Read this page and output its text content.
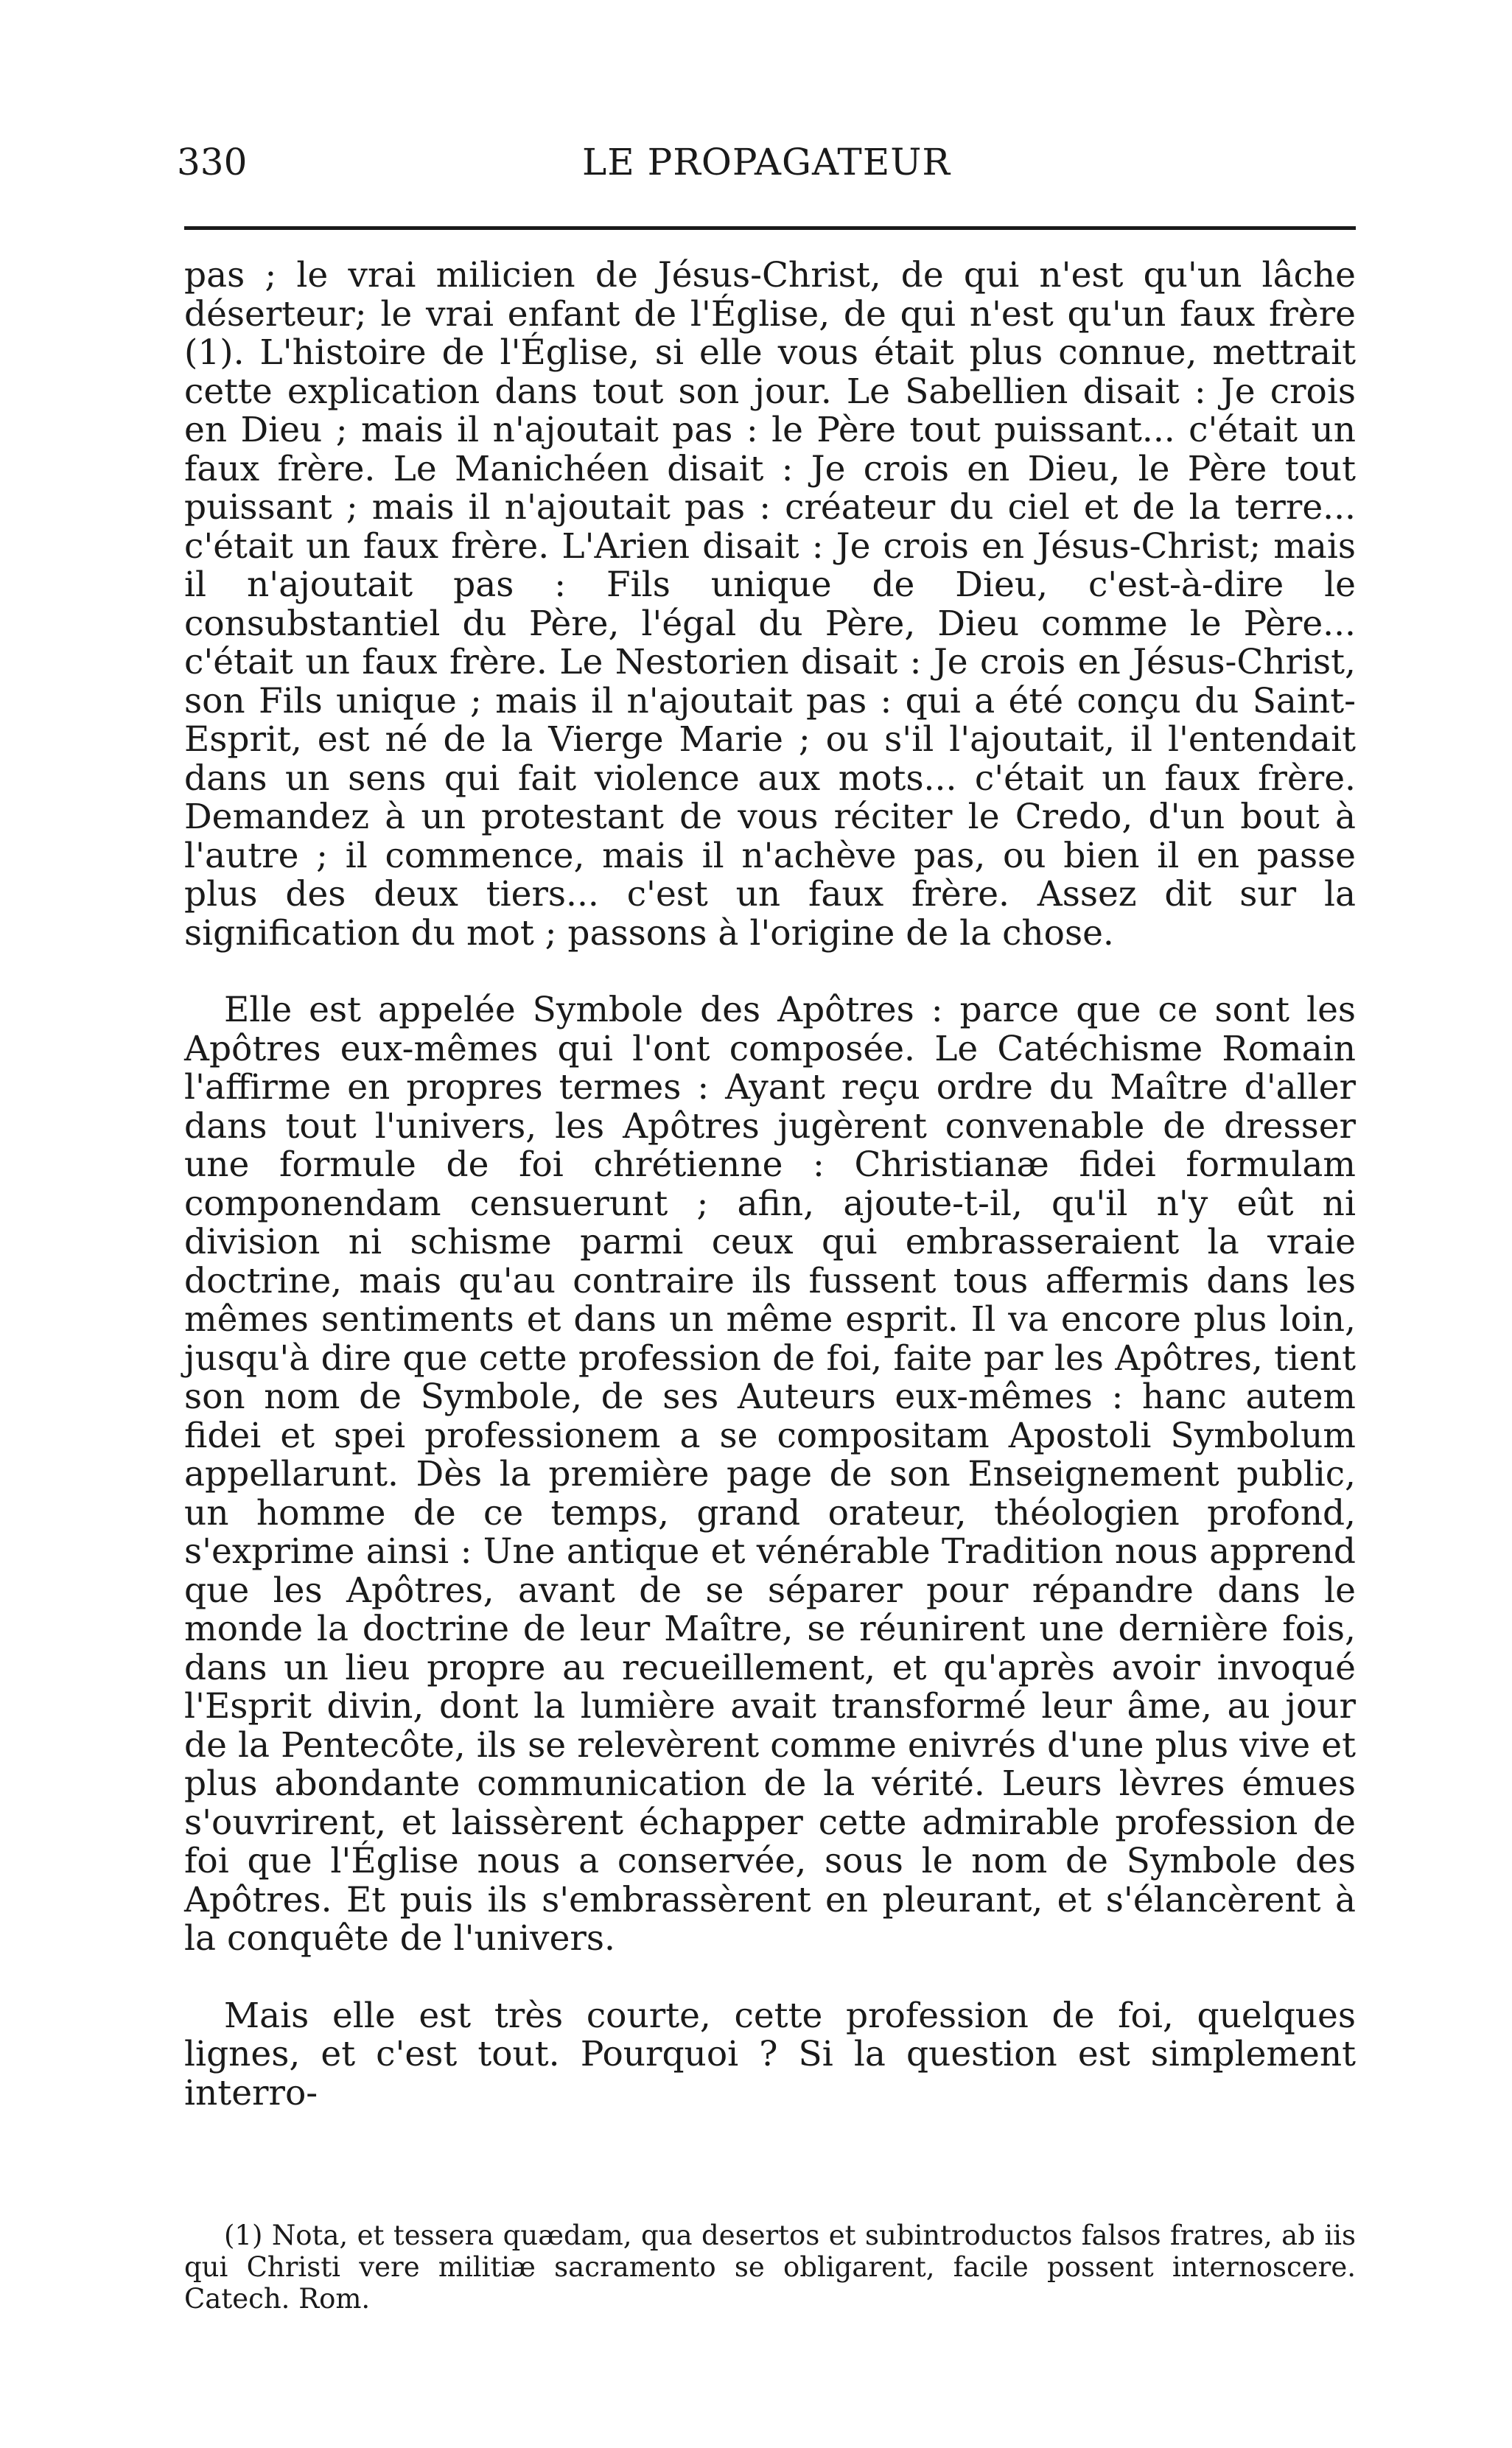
330	LE PROPAGATEUR

pas ; le vrai milicien de Jésus-Christ, de qui n'est qu'un lâche déserteur; le vrai enfant de l'Église, de qui n'est qu'un faux frère (1). L'histoire de l'Église, si elle vous était plus connue, mettrait cette explication dans tout son jour. Le Sabellien disait : Je crois en Dieu ; mais il n'ajoutait pas : le Père tout puissant... c'était un faux frère. Le Manichéen disait : Je crois en Dieu, le Père tout puissant ; mais il n'ajoutait pas : créateur du ciel et de la terre... c'était un faux frère. L'Arien disait : Je crois en Jésus-Christ; mais il n'ajoutait pas : Fils unique de Dieu, c'est-à-dire le consubstantiel du Père, l'égal du Père, Dieu comme le Père... c'était un faux frère. Le Nestorien disait : Je crois en Jésus-Christ, son Fils unique ; mais il n'ajoutait pas : qui a été conçu du Saint-Esprit, est né de la Vierge Marie ; ou s'il l'ajoutait, il l'entendait dans un sens qui fait violence aux mots... c'était un faux frère. Demandez à un protestant de vous réciter le Credo, d'un bout à l'autre ; il commence, mais il n'achève pas, ou bien il en passe plus des deux tiers... c'est un faux frère. Assez dit sur la signification du mot ; passons à l'origine de la chose.

Elle est appelée Symbole des Apôtres : parce que ce sont les Apôtres eux-mêmes qui l'ont composée. Le Catéchisme Romain l'affirme en propres termes : Ayant reçu ordre du Maître d'aller dans tout l'univers, les Apôtres jugèrent convenable de dresser une formule de foi chrétienne : Christianæ fidei formulam componendam censuerunt ; afin, ajoute-t-il, qu'il n'y eût ni division ni schisme parmi ceux qui embrasseraient la vraie doctrine, mais qu'au contraire ils fussent tous affermis dans les mêmes sentiments et dans un même esprit. Il va encore plus loin, jusqu'à dire que cette profession de foi, faite par les Apôtres, tient son nom de Symbole, de ses Auteurs eux-mêmes : hanc autem fidei et spei professionem a se compositam Apostoli Symbolum appellarunt. Dès la première page de son Enseignement public, un homme de ce temps, grand orateur, théologien profond, s'exprime ainsi : Une antique et vénérable Tradition nous apprend que les Apôtres, avant de se séparer pour répandre dans le monde la doctrine de leur Maître, se réunirent une dernière fois, dans un lieu propre au recueillement, et qu'après avoir invoqué l'Esprit divin, dont la lumière avait transformé leur âme, au jour de la Pentecôte, ils se relevèrent comme enivrés d'une plus vive et plus abondante communication de la vérité. Leurs lèvres émues s'ouvrirent, et laissèrent échapper cette admirable profession de foi que l'Église nous a conservée, sous le nom de Symbole des Apôtres. Et puis ils s'embrassèrent en pleurant, et s'élancèrent à la conquête de l'univers.

Mais elle est très courte, cette profession de foi, quelques lignes, et c'est tout. Pourquoi ? Si la question est simplement interro-

(1) Nota, et tessera quædam, qua desertos et subintroductos falsos fratres, ab iis qui Christi vere militiæ sacramento se obligarent, facile possent internoscere. Catech. Rom.
